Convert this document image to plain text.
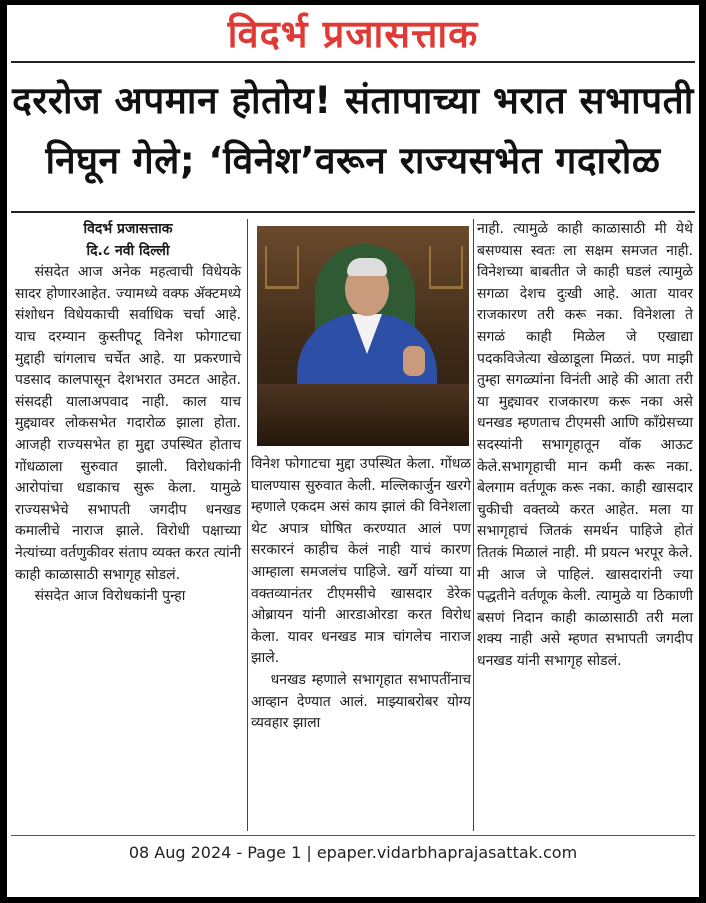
विदर्भ प्रजासत्ताक
दररोज अपमान होतोय! संतापाच्या भरात सभापती
निघून गेले; ‘विनेश’वरून राज्यसभेत गदारोळ

विदर्भ प्रजासत्ताक

दि.८ नवी दिल्ली

संसदेत आज अनेक महत्वाची विधेयके सादर होणारआहेत. ज्यामध्ये वक्फ ॲक्टमध्ये संशोधन विधेयकाची सर्वाधिक चर्चा आहे. याच दरम्यान कुस्तीपटू विनेश फोगाटचा मुद्दाही चांगलाच चर्चेत आहे. या प्रकरणाचे पडसाद कालपासून देशभरात उमटत आहेत. संसदही यालाअपवाद नाही. काल याच मुद्द्यावर लोकसभेत गदारोळ झाला होता. आजही राज्यसभेत हा मुद्दा उपस्थित होताच गोंधळाला सुरुवात झाली. विरोधकांनी आरोपांचा धडाकाच सुरू केला. यामुळे राज्यसभेचे सभापती जगदीप धनखड कमालीचे नाराज झाले. विरोधी पक्षाच्या नेत्यांच्या वर्तणुकीवर संताप व्यक्त करत त्यांनी काही काळासाठी सभागृह सोडलं.

संसदेत आज विरोधकांनी पुन्हा

विनेश फोगाटचा मुद्दा उपस्थित केला. गोंधळ घालण्यास सुरुवात केली. मल्लिकार्जुन खरगे म्हणाले एकदम असं काय झालं की विनेशला थेट अपात्र घोषित करण्यात आलं पण सरकारनं काहीच केलं नाही याचं कारण आम्हाला समजलंच पाहिजे. खर्गे यांच्या या वक्तव्यानंतर टीएमसीचे खासदार डेरेक ओब्रायन यांनी आरडाओरडा करत विरोध केला. यावर धनखड मात्र चांगलेच नाराज झाले.

धनखड म्हणाले सभागृहात सभापतींनाच आव्हान देण्यात आलं. माझ्याबरोबर योग्य व्यवहार झाला

नाही. त्यामुळे काही काळासाठी मी येथे बसण्यास स्वतः ला सक्षम समजत नाही. विनेशच्या बाबतीत जे काही घडलं त्यामुळे सगळा देशच दुःखी आहे. आता यावर राजकारण तरी करू नका. विनेशला ते सगळं काही मिळेल जे एखाद्या पदकविजेत्या खेळाडूला मिळतं. पण माझी तुम्हा सगळ्यांना विनंती आहे की आता तरी या मुद्द्यावर राजकारण करू नका असे धनखड म्हणताच टीएमसी आणि काँग्रेसच्या सदस्यांनी सभागृहातून वॉक आऊट केले.सभागृहाची मान कमी करू नका. बेलगाम वर्तणूक करू नका. काही खासदार चुकीची वक्तव्ये करत आहेत. मला या सभागृहाचं जितकं समर्थन पाहिजे होतं तितकं मिळालं नाही. मी प्रयत्न भरपूर केले. मी आज जे पाहिलं. खासदारांनी ज्या पद्धतीने वर्तणूक केली. त्यामुळे या ठिकाणी बसणं निदान काही काळासाठी तरी मला शक्य नाही असे म्हणत सभापती जगदीप धनखड यांनी सभागृह सोडलं.

08 Aug 2024 - Page 1 | epaper.vidarbhaprajasattak.com
